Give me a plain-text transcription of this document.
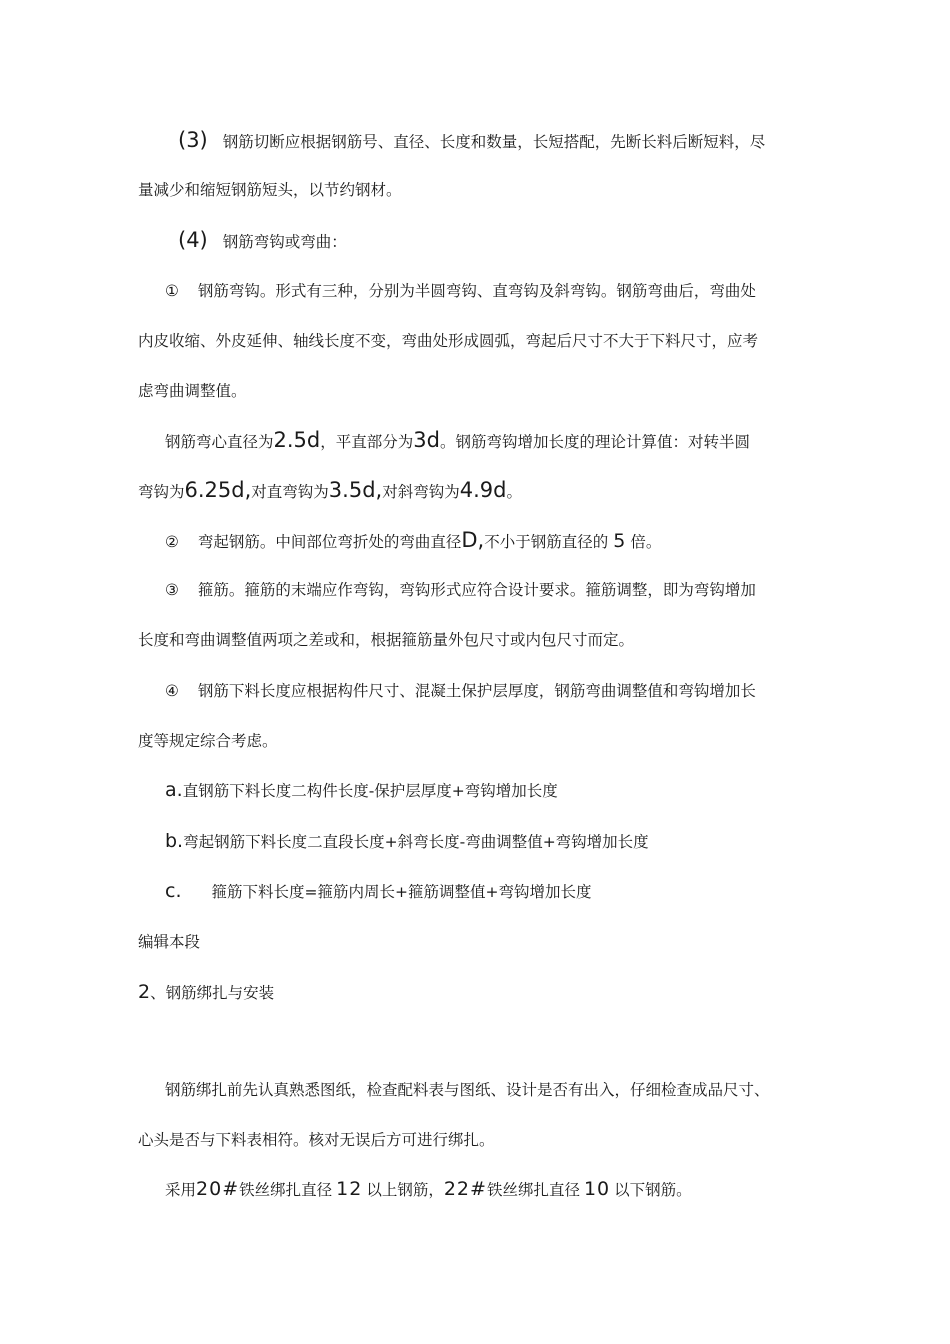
(3) 钢筋切断应根据钢筋号、直径、长度和数量，长短搭配，先断长料后断短料，尽
量减少和缩短钢筋短头，以节约钢材。
(4) 钢筋弯钩或弯曲：
① 钢筋弯钩。形式有三种，分别为半圆弯钩、直弯钩及斜弯钩。钢筋弯曲后，弯曲处
内皮收缩、外皮延伸、轴线长度不变，弯曲处形成圆弧，弯起后尺寸不大于下料尺寸，应考
虑弯曲调整值。
钢筋弯心直径为2.5d，平直部分为3d。钢筋弯钩增加长度的理论计算值：对转半圆
弯钩为6.25d,对直弯钩为3.5d,对斜弯钩为4.9d。
② 弯起钢筋。中间部位弯折处的弯曲直径D,不小于钢筋直径的 5 倍。
③ 箍筋。箍筋的末端应作弯钩，弯钩形式应符合设计要求。箍筋调整，即为弯钩增加
长度和弯曲调整值两项之差或和，根据箍筋量外包尺寸或内包尺寸而定。
④ 钢筋下料长度应根据构件尺寸、混凝土保护层厚度，钢筋弯曲调整值和弯钩增加长
度等规定综合考虑。
a.直钢筋下料长度二构件长度-保护层厚度+弯钩增加长度
b.弯起钢筋下料长度二直段长度+斜弯长度-弯曲调整值+弯钩增加长度
c. 箍筋下料长度=箍筋内周长+箍筋调整值+弯钩增加长度
编辑本段
2、钢筋绑扎与安装
钢筋绑扎前先认真熟悉图纸，检查配料表与图纸、设计是否有出入，仔细检查成品尺寸、
心头是否与下料表相符。核对无误后方可进行绑扎。
采用20#铁丝绑扎直径 12 以上钢筋，22#铁丝绑扎直径 10 以下钢筋。
